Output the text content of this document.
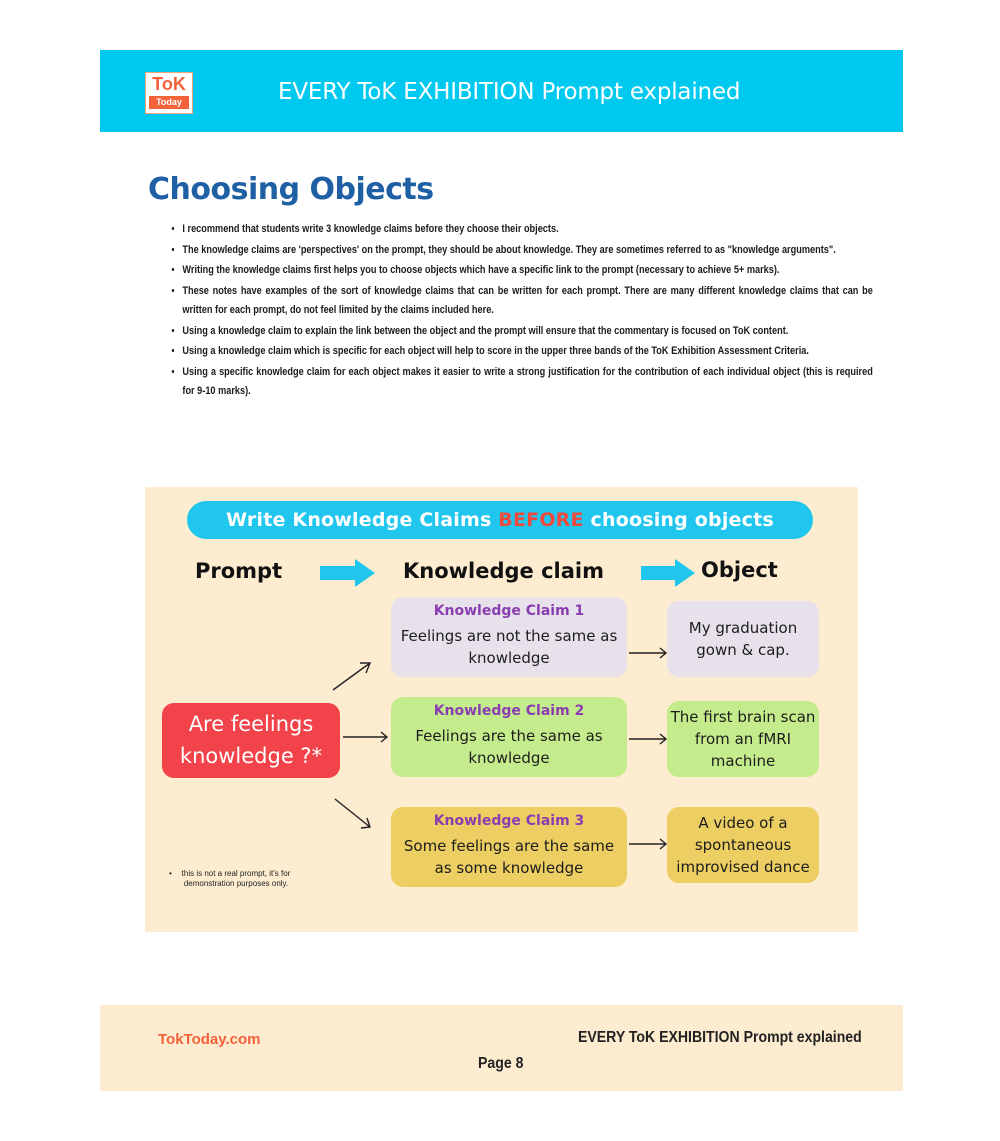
ToK
Today	EVERY ToK EXHIBITION Prompt explained
Choosing Objects
• I recommend that students write 3 knowledge claims before they choose their objects.
• The knowledge claims are 'perspectives' on the prompt, they should be about knowledge. They are sometimes referred to as "knowledge arguments".
• Writing the knowledge claims first helps you to choose objects which have a specific link to the prompt (necessary to achieve 5+ marks).
• These notes have examples of the sort of knowledge claims that can be written for each prompt. There are many different knowledge claims that can be written for each prompt, do not feel limited by the claims included here.
• Using a knowledge claim to explain the link between the object and the prompt will ensure that the commentary is focused on ToK content.
• Using a knowledge claim which is specific for each object will help to score in the upper three bands of the ToK Exhibition Assessment Criteria.
• Using a specific knowledge claim for each object makes it easier to write a strong justification for the contribution of each individual object (this is required for 9-10 marks).
Write Knowledge Claims BEFORE choosing objects
Prompt	Knowledge claim	Object
Are feelings
knowledge ?*
Knowledge Claim 1
Feelings are not the same as knowledge
Knowledge Claim 2
Feelings are the same as knowledge
Knowledge Claim 3
Some feelings are the same as some knowledge
My graduation gown & cap.
The first brain scan from an fMRI machine
A video of a spontaneous improvised dance
• this is not a real prompt, it's for demonstration purposes only.
TokToday.com	EVERY ToK EXHIBITION Prompt explained
Page 8
